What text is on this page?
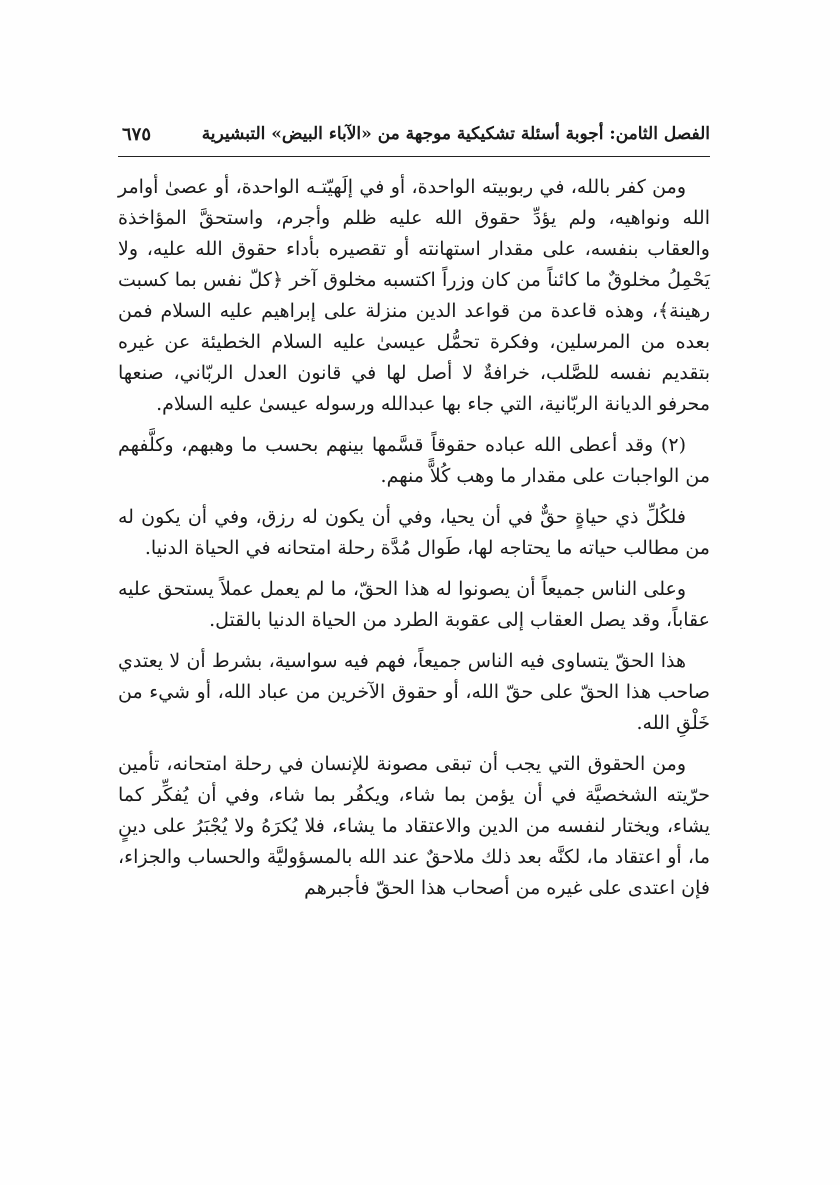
الفصل الثامن: أجوبة أسئلة تشكيكية موجهة من «الآباء البيض» التبشيرية
٦٧٥

ومن كفر بالله، في ربوبيته الواحدة، أو في إلَهيّتـه الواحدة، أو عصىٰ أوامر الله ونواهيه، ولم يؤدِّ حقوق الله عليه ظلم وأجرم، واستحقَّ المؤاخذة والعقاب بنفسه، على مقدار استهانته أو تقصيره بأداء حقوق الله عليه، ولا يَحْمِلُ مخلوقٌ ما كائناً من كان وزراً اكتسبه مخلوق آخر ﴿كلّ نفس بما كسبت رهينة﴾، وهذه قاعدة من قواعد الدين منزلة على إبراهيم عليه السلام فمن بعده من المرسلين، وفكرة تحمُّل عيسىٰ عليه السلام الخطيئة عن غيره بتقديم نفسه للصَّلب، خرافةٌ لا أصل لها في قانون العدل الربّاني، صنعها محرفو الديانة الربّانية، التي جاء بها عبدالله ورسوله عيسىٰ عليه السلام.

(٢) وقد أعطى الله عباده حقوقاً قسَّمها بينهم بحسب ما وهبهم، وكلَّفهم من الواجبات على مقدار ما وهب كُلاًّ منهم.

فلكُلِّ ذي حياةٍ حقٌّ في أن يحيا، وفي أن يكون له رزق، وفي أن يكون له من مطالب حياته ما يحتاجه لها، طَوال مُدَّة رحلة امتحانه في الحياة الدنيا.

وعلى الناس جميعاً أن يصونوا له هذا الحقّ، ما لم يعمل عملاً يستحق عليه عقاباً، وقد يصل العقاب إلى عقوبة الطرد من الحياة الدنيا بالقتل.

هذا الحقّ يتساوى فيه الناس جميعاً، فهم فيه سواسية، بشرط أن لا يعتدي صاحب هذا الحقّ على حقّ الله، أو حقوق الآخرين من عباد الله، أو شيء من خَلْقِ الله.

ومن الحقوق التي يجب أن تبقى مصونة للإنسان في رحلة امتحانه، تأمين حرّيته الشخصيَّة في أن يؤمن بما شاء، ويكفُر بما شاء، وفي أن يُفكِّر كما يشاء، ويختار لنفسه من الدين والاعتقاد ما يشاء، فلا يُكرَهُ ولا يُجْبَرُ على دينٍ ما، أو اعتقاد ما، لكنَّه بعد ذلك ملاحقٌ عند الله بالمسؤوليَّة والحساب والجزاء، فإن اعتدى على غيره من أصحاب هذا الحقّ فأجبرهم
